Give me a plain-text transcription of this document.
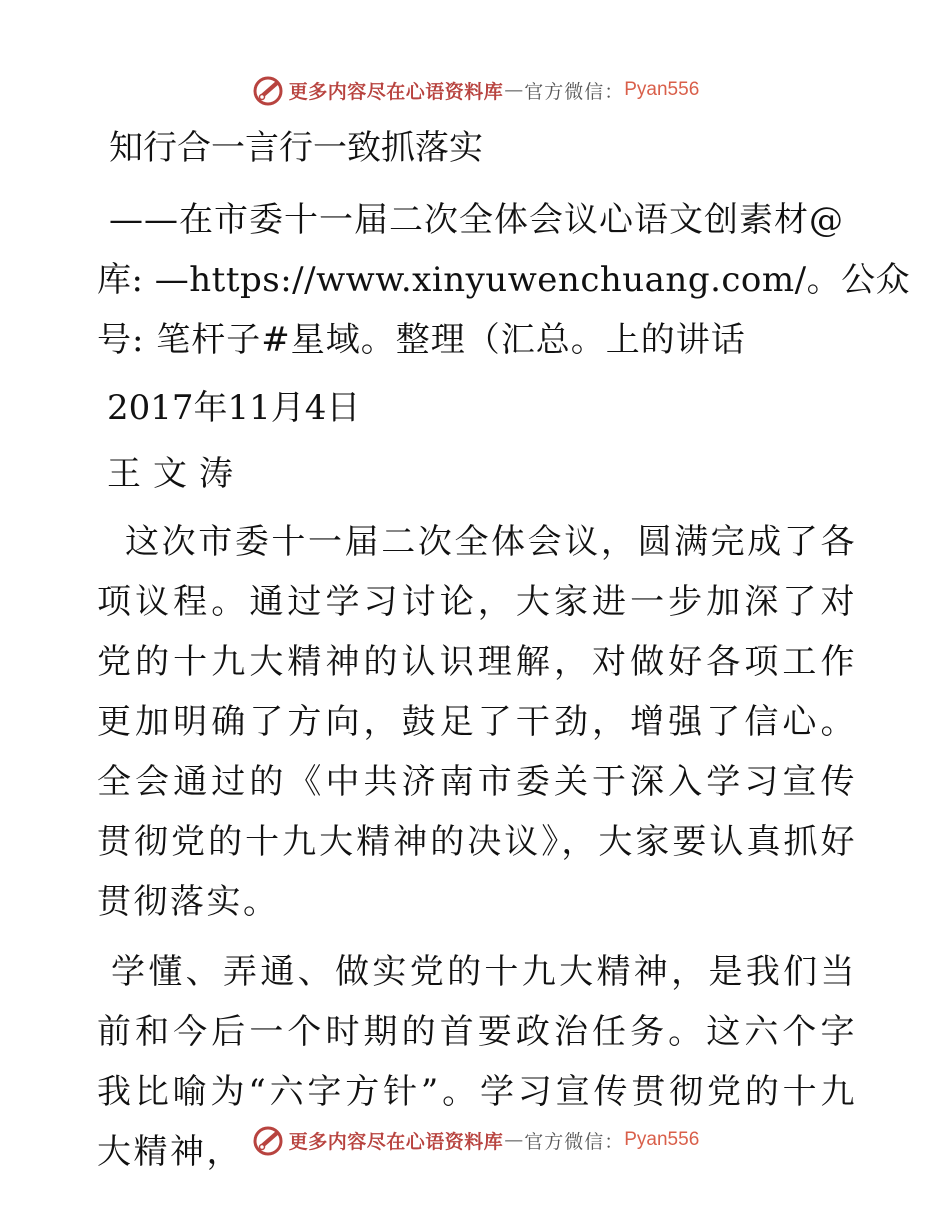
更多内容尽在心语资料库 — 官方微信： Pyan556
知行合一言行一致抓落实
——在市委十一届二次全体会议心语文创素材@
库: —https://www.xinyuwenchuang.com/。公众
号: 笔杆子#星域。整理（汇总。上的讲话
2017年11月4日
王文涛

这次市委十一届二次全体会议，圆满完成了各项议程。通过学习讨论，大家进一步加深了对党的十九大精神的认识理解，对做好各项工作更加明确了方向，鼓足了干劲，增强了信心。全会通过的《中共济南市委关于深入学习宣传贯彻党的十九大精神的决议》，大家要认真抓好贯彻落实。

学懂、弄通、做实党的十九大精神，是我们当前和今后一个时期的首要政治任务。这六个字我比喻为“六字方针”。学习宣传贯彻党的十九大精神，	更多内容尽在心语资料库 — 官方微信： Pyan556
